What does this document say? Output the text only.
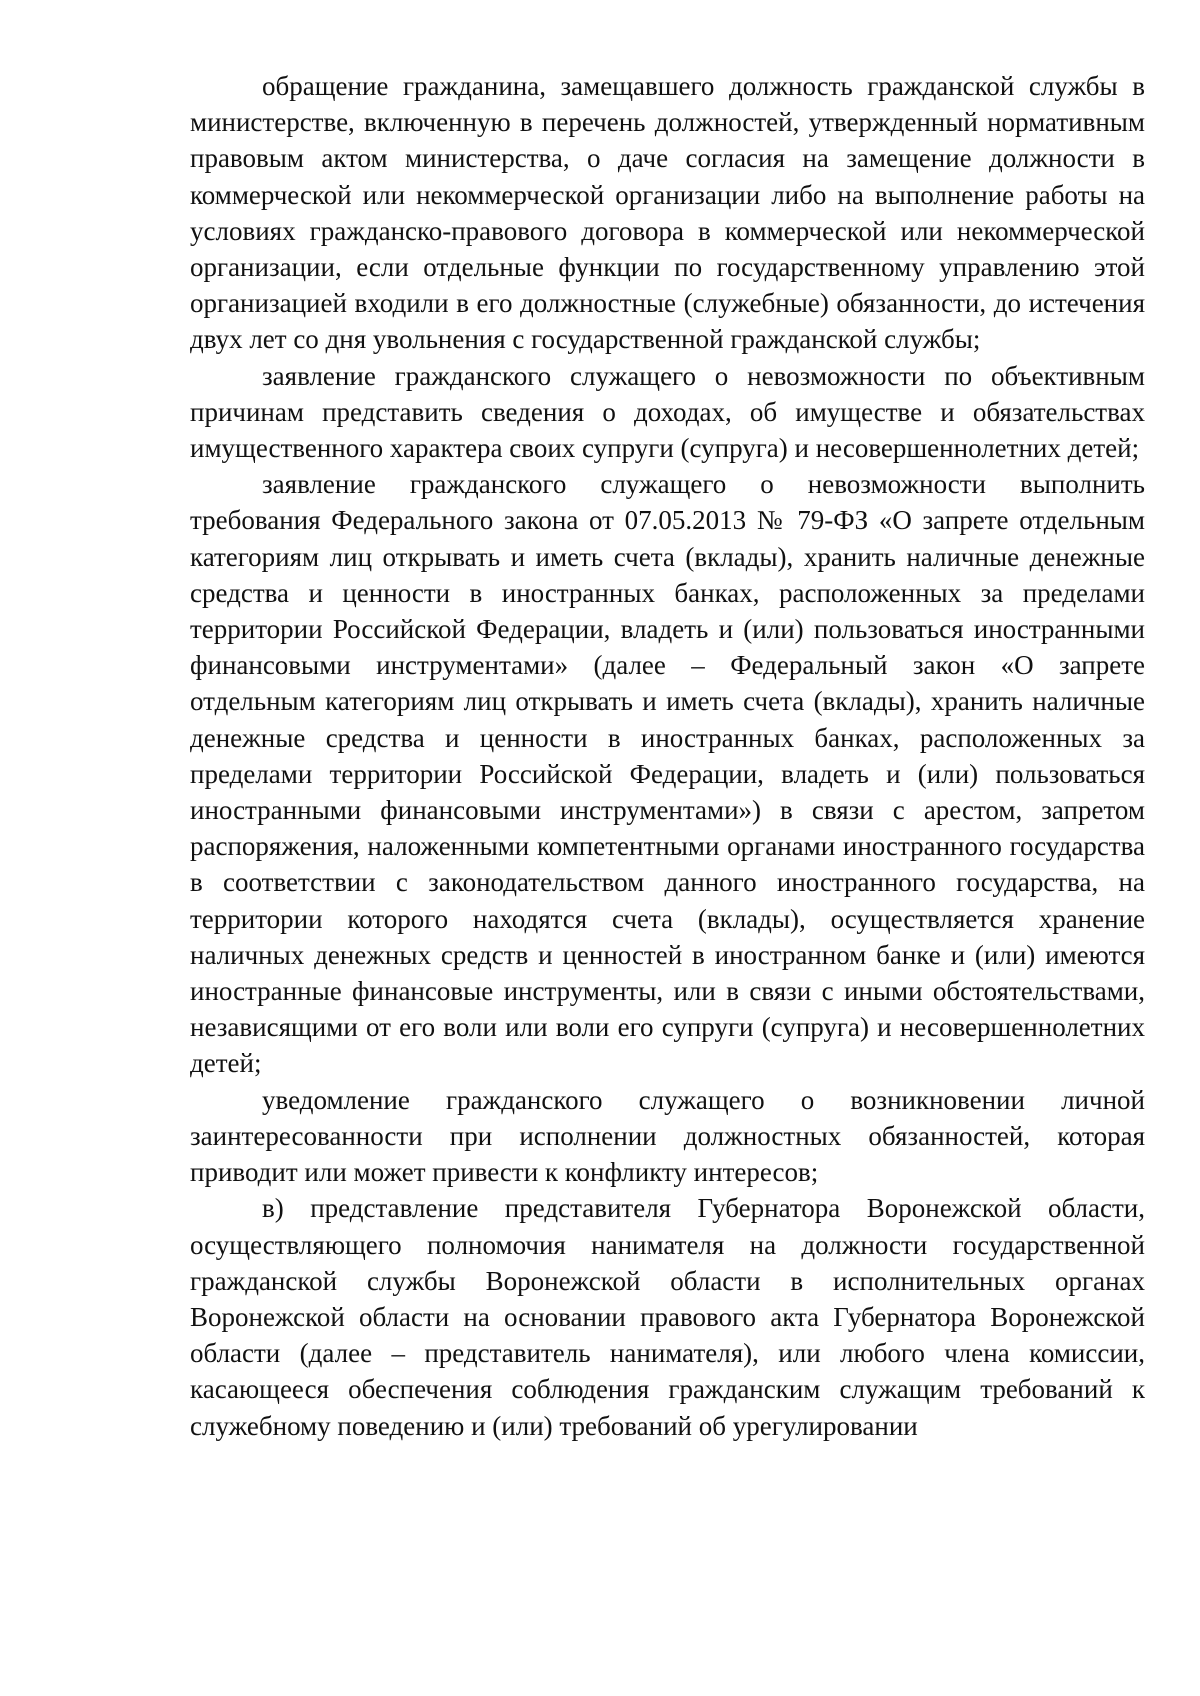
обращение гражданина, замещавшего должность гражданской службы в министерстве, включенную в перечень должностей, утвержденный нормативным правовым актом министерства, о даче согласия на замещение должности в коммерческой или некоммерческой организации либо на выполнение работы на условиях гражданско-правового договора в коммерческой или некоммерческой организации, если отдельные функции по государственному управлению этой организацией входили в его должностные (служебные) обязанности, до истечения двух лет со дня увольнения с государственной гражданской службы;

заявление гражданского служащего о невозможности по объективным причинам представить сведения о доходах, об имуществе и обязательствах имущественного характера своих супруги (супруга) и несовершеннолетних детей;

заявление гражданского служащего о невозможности выполнить требования Федерального закона от 07.05.2013 № 79-ФЗ «О запрете отдельным категориям лиц открывать и иметь счета (вклады), хранить наличные денежные средства и ценности в иностранных банках, расположенных за пределами территории Российской Федерации, владеть и (или) пользоваться иностранными финансовыми инструментами» (далее – Федеральный закон «О запрете отдельным категориям лиц открывать и иметь счета (вклады), хранить наличные денежные средства и ценности в иностранных банках, расположенных за пределами территории Российской Федерации, владеть и (или) пользоваться иностранными финансовыми инструментами») в связи с арестом, запретом распоряжения, наложенными компетентными органами иностранного государства в соответствии с законодательством данного иностранного государства, на территории которого находятся счета (вклады), осуществляется хранение наличных денежных средств и ценностей в иностранном банке и (или) имеются иностранные финансовые инструменты, или в связи с иными обстоятельствами, независящими от его воли или воли его супруги (супруга) и несовершеннолетних детей;

уведомление гражданского служащего о возникновении личной заинтересованности при исполнении должностных обязанностей, которая приводит или может привести к конфликту интересов;

в) представление представителя Губернатора Воронежской области, осуществляющего полномочия нанимателя на должности государственной гражданской службы Воронежской области в исполнительных органах Воронежской области на основании правового акта Губернатора Воронежской области (далее – представитель нанимателя), или любого члена комиссии, касающееся обеспечения соблюдения гражданским служащим требований к служебному поведению и (или) требований об урегулировании
